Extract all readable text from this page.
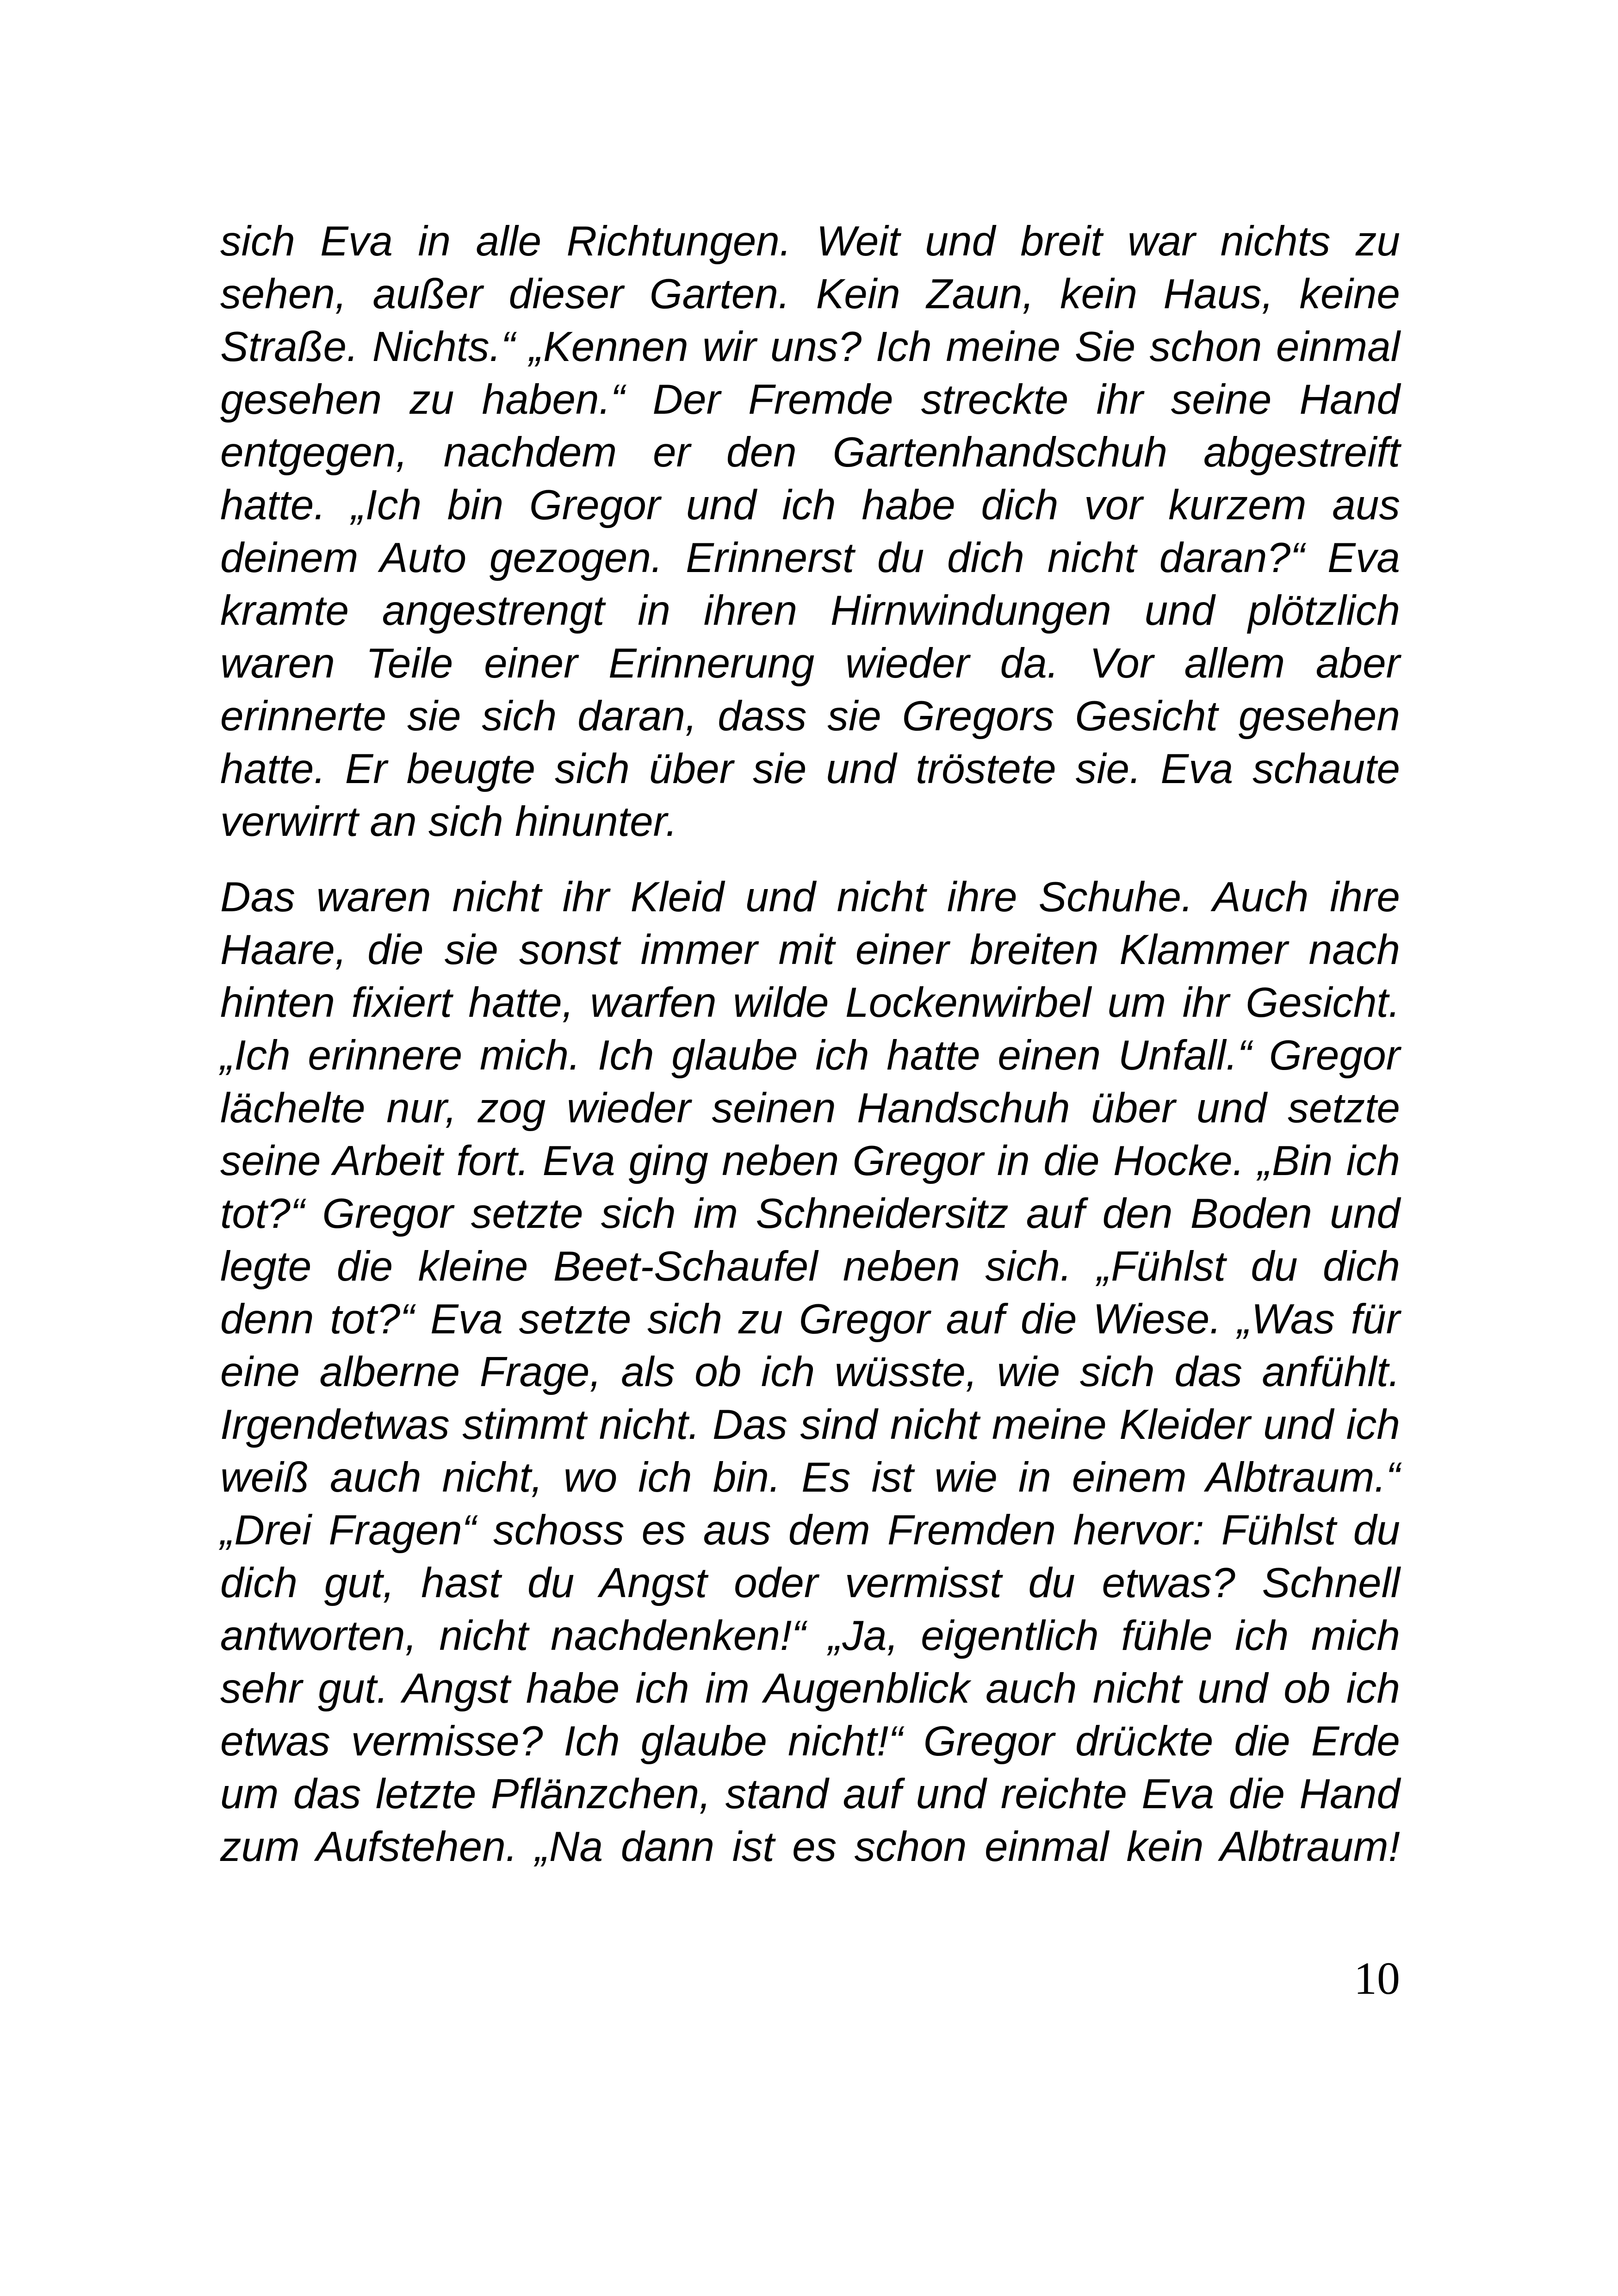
sich Eva in alle Richtungen. Weit und breit war nichts zu
sehen, außer dieser Garten. Kein Zaun, kein Haus, keine
Straße. Nichts.“ „Kennen wir uns? Ich meine Sie schon einmal
gesehen zu haben.“ Der Fremde streckte ihr seine Hand
entgegen, nachdem er den Gartenhandschuh abgestreift
hatte. „Ich bin Gregor und ich habe dich vor kurzem aus
deinem Auto gezogen. Erinnerst du dich nicht daran?“ Eva
kramte angestrengt in ihren Hirnwindungen und plötzlich
waren Teile einer Erinnerung wieder da. Vor allem aber
erinnerte sie sich daran, dass sie Gregors Gesicht gesehen
hatte. Er beugte sich über sie und tröstete sie. Eva schaute
verwirrt an sich hinunter.
Das waren nicht ihr Kleid und nicht ihre Schuhe. Auch ihre
Haare, die sie sonst immer mit einer breiten Klammer nach
hinten fixiert hatte, warfen wilde Lockenwirbel um ihr Gesicht.
„Ich erinnere mich. Ich glaube ich hatte einen Unfall.“ Gregor
lächelte nur, zog wieder seinen Handschuh über und setzte
seine Arbeit fort. Eva ging neben Gregor in die Hocke. „Bin ich
tot?“ Gregor setzte sich im Schneidersitz auf den Boden und
legte die kleine Beet-Schaufel neben sich. „Fühlst du dich
denn tot?“ Eva setzte sich zu Gregor auf die Wiese. „Was für
eine alberne Frage, als ob ich wüsste, wie sich das anfühlt.
Irgendetwas stimmt nicht. Das sind nicht meine Kleider und ich
weiß auch nicht, wo ich bin. Es ist wie in einem Albtraum.“
„Drei Fragen“ schoss es aus dem Fremden hervor: Fühlst du
dich gut, hast du Angst oder vermisst du etwas? Schnell
antworten, nicht nachdenken!“ „Ja, eigentlich fühle ich mich
sehr gut. Angst habe ich im Augenblick auch nicht und ob ich
etwas vermisse? Ich glaube nicht!“ Gregor drückte die Erde
um das letzte Pflänzchen, stand auf und reichte Eva die Hand
zum Aufstehen. „Na dann ist es schon einmal kein Albtraum!
10
